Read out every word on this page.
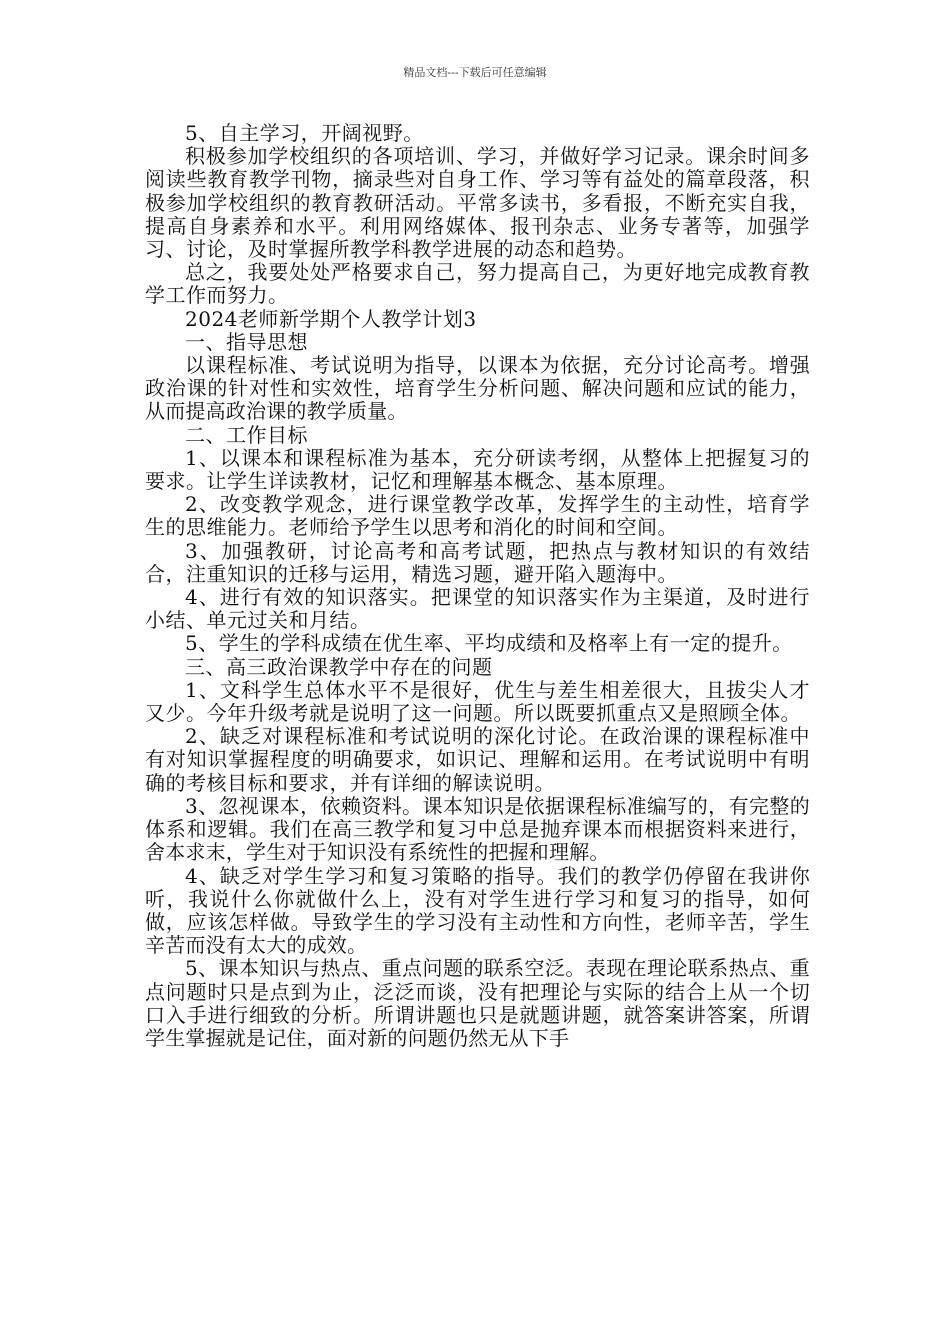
精品文档---下载后可任意编辑

5、自主学习，开阔视野。

积极参加学校组织的各项培训、学习，并做好学习记录。课余时间多阅读些教育教学刊物，摘录些对自身工作、学习等有益处的篇章段落，积极参加学校组织的教育教研活动。平常多读书，多看报，不断充实自我，提高自身素养和水平。利用网络媒体、报刊杂志、业务专著等，加强学习、讨论，及时掌握所教学科教学进展的动态和趋势。

总之，我要处处严格要求自己，努力提高自己，为更好地完成教育教学工作而努力。

2024老师新学期个人教学计划3

一、指导思想

以课程标准、考试说明为指导，以课本为依据，充分讨论高考。增强政治课的针对性和实效性，培育学生分析问题、解决问题和应试的能力，从而提高政治课的教学质量。

二、工作目标

1、以课本和课程标准为基本，充分研读考纲，从整体上把握复习的要求。让学生详读教材，记忆和理解基本概念、基本原理。

2、改变教学观念，进行课堂教学改革，发挥学生的主动性，培育学生的思维能力。老师给予学生以思考和消化的时间和空间。

3、加强教研，讨论高考和高考试题，把热点与教材知识的有效结合，注重知识的迁移与运用，精选习题，避开陷入题海中。

4、进行有效的知识落实。把课堂的知识落实作为主渠道，及时进行小结、单元过关和月结。

5、学生的学科成绩在优生率、平均成绩和及格率上有一定的提升。

三、高三政治课教学中存在的问题

1、文科学生总体水平不是很好，优生与差生相差很大，且拔尖人才又少。今年升级考就是说明了这一问题。所以既要抓重点又是照顾全体。

2、缺乏对课程标准和考试说明的深化讨论。在政治课的课程标准中有对知识掌握程度的明确要求，如识记、理解和运用。在考试说明中有明确的考核目标和要求，并有详细的解读说明。

3、忽视课本，依赖资料。课本知识是依据课程标准编写的，有完整的体系和逻辑。我们在高三教学和复习中总是抛弃课本而根据资料来进行，舍本求末，学生对于知识没有系统性的把握和理解。

4、缺乏对学生学习和复习策略的指导。我们的教学仍停留在我讲你听，我说什么你就做什么上，没有对学生进行学习和复习的指导，如何做，应该怎样做。导致学生的学习没有主动性和方向性，老师辛苦，学生辛苦而没有太大的成效。

5、课本知识与热点、重点问题的联系空泛。表现在理论联系热点、重点问题时只是点到为止，泛泛而谈，没有把理论与实际的结合上从一个切口入手进行细致的分析。所谓讲题也只是就题讲题，就答案讲答案，所谓学生掌握就是记住，面对新的问题仍然无从下手
